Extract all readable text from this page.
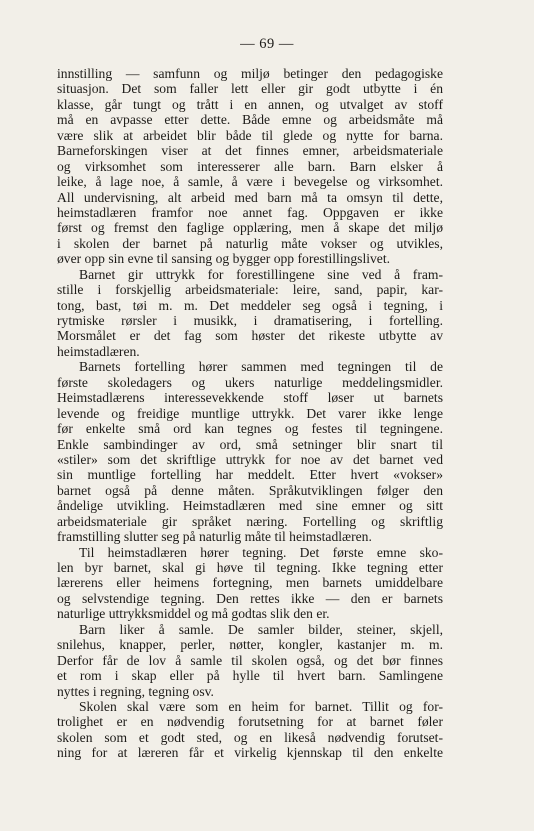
— 69 —
innstilling — samfunn og miljø betinger den pedagogiske
situasjon. Det som faller lett eller gir godt utbytte i én
klasse, går tungt og trått i en annen, og utvalget av stoff
må en avpasse etter dette. Både emne og arbeidsmåte må
være slik at arbeidet blir både til glede og nytte for barna.
Barneforskingen viser at det finnes emner, arbeidsmateriale
og virksomhet som interesserer alle barn. Barn elsker å
leike, å lage noe, å samle, å være i bevegelse og virksomhet.
All undervisning, alt arbeid med barn må ta omsyn til dette,
heimstadlæren framfor noe annet fag. Oppgaven er ikke
først og fremst den faglige opplæring, men å skape det miljø
i skolen der barnet på naturlig måte vokser og utvikles,
øver opp sin evne til sansing og bygger opp forestillingslivet.
Barnet gir uttrykk for forestillingene sine ved å fram-
stille i forskjellig arbeidsmateriale: leire, sand, papir, kar-
tong, bast, tøi m. m. Det meddeler seg også i tegning, i
rytmiske rørsler i musikk, i dramatisering, i fortelling.
Morsmålet er det fag som høster det rikeste utbytte av
heimstadlæren.
Barnets fortelling hører sammen med tegningen til de
første skoledagers og ukers naturlige meddelingsmidler.
Heimstadlærens interessevekkende stoff løser ut barnets
levende og freidige muntlige uttrykk. Det varer ikke lenge
før enkelte små ord kan tegnes og festes til tegningene.
Enkle sambindinger av ord, små setninger blir snart til
«stiler» som det skriftlige uttrykk for noe av det barnet ved
sin muntlige fortelling har meddelt. Etter hvert «vokser»
barnet også på denne måten. Språkutviklingen følger den
åndelige utvikling. Heimstadlæren med sine emner og sitt
arbeidsmateriale gir språket næring. Fortelling og skriftlig
framstilling slutter seg på naturlig måte til heimstadlæren.
Til heimstadlæren hører tegning. Det første emne sko-
len byr barnet, skal gi høve til tegning. Ikke tegning etter
lærerens eller heimens fortegning, men barnets umiddelbare
og selvstendige tegning. Den rettes ikke — den er barnets
naturlige uttrykksmiddel og må godtas slik den er.
Barn liker å samle. De samler bilder, steiner, skjell,
snilehus, knapper, perler, nøtter, kongler, kastanjer m. m.
Derfor får de lov å samle til skolen også, og det bør finnes
et rom i skap eller på hylle til hvert barn. Samlingene
nyttes i regning, tegning osv.
Skolen skal være som en heim for barnet. Tillit og for-
trolighet er en nødvendig forutsetning for at barnet føler
skolen som et godt sted, og en likeså nødvendig forutset-
ning for at læreren får et virkelig kjennskap til den enkelte
